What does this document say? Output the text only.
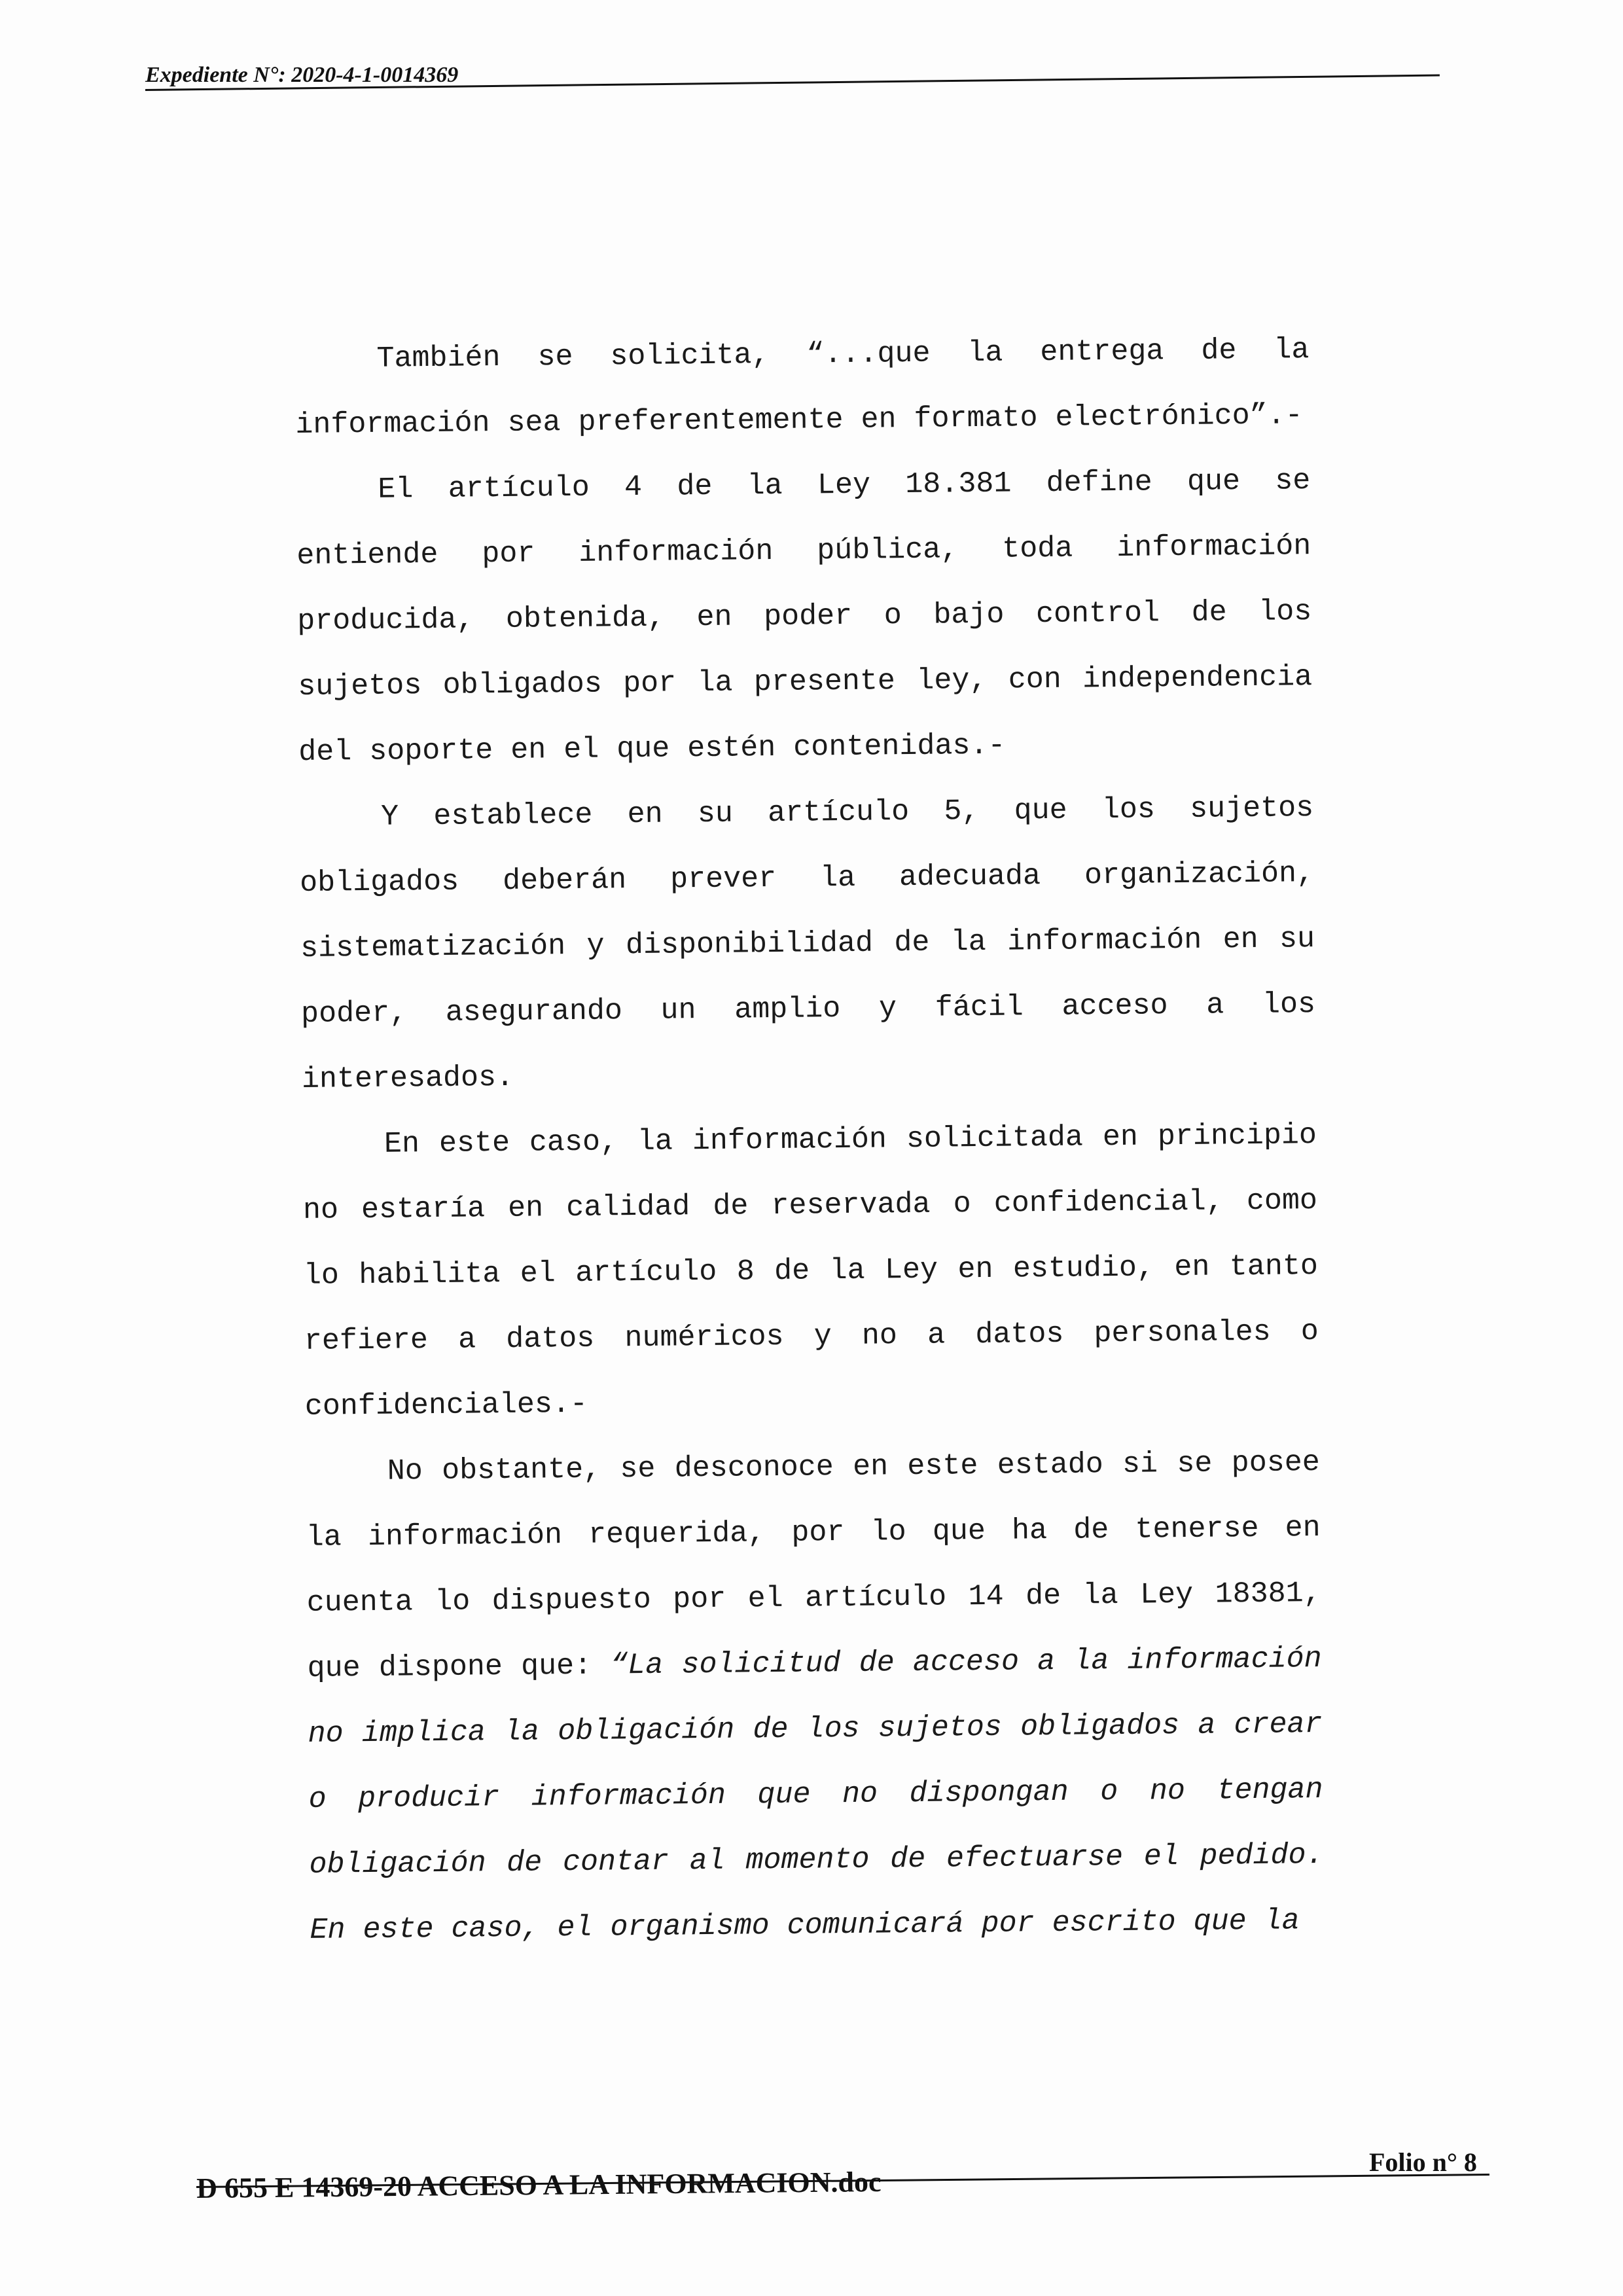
Expediente N°: 2020-4-1-0014369

También se solicita, “...que la entrega de la información sea preferentemente en formato electrónico”.-

El artículo 4 de la Ley 18.381 define que se entiende por información pública, toda información producida, obtenida, en poder o bajo control de los sujetos obligados por la presente ley, con independencia del soporte en el que estén contenidas.-

Y establece en su artículo 5, que los sujetos obligados deberán prever la adecuada organización, sistematización y disponibilidad de la información en su poder, asegurando un amplio y fácil acceso a los interesados.

En este caso, la información solicitada en principio no estaría en calidad de reservada o confidencial, como lo habilita el artículo 8 de la Ley en estudio, en tanto refiere a datos numéricos y no a datos personales o confidenciales.-

No obstante, se desconoce en este estado si se posee la información requerida, por lo que ha de tenerse en cuenta lo dispuesto por el artículo 14 de la Ley 18381, que dispone que: “La solicitud de acceso a la información no implica la obligación de los sujetos obligados a crear o producir información que no dispongan o no tengan obligación de contar al momento de efectuarse el pedido. En este caso, el organismo comunicará por escrito que la

D 655 E 14369-20 ACCESO A LA INFORMACION.doc
Folio n° 8
